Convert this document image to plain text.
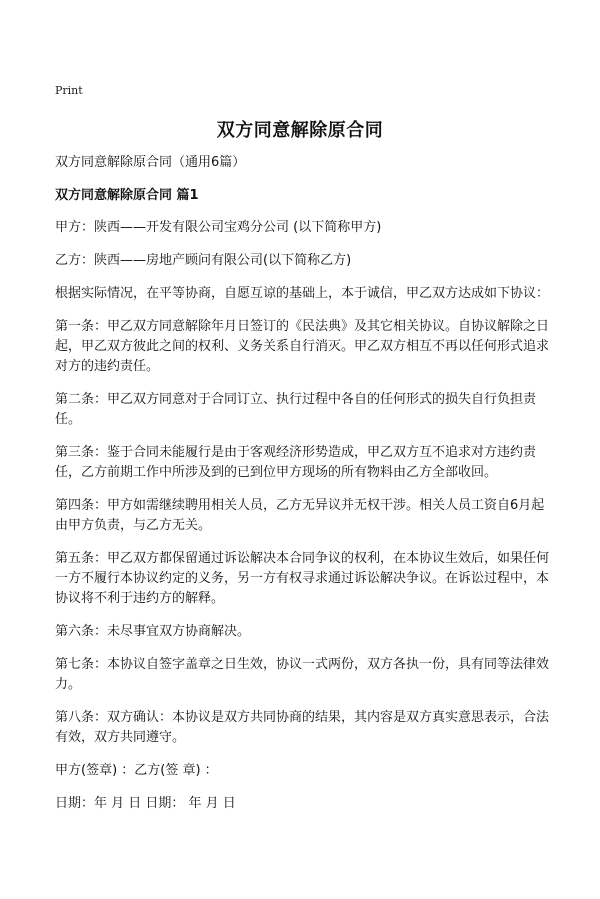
Print
双方同意解除原合同

双方同意解除原合同（通用6篇）

双方同意解除原合同 篇1

甲方：陕西——开发有限公司宝鸡分公司 (以下简称甲方)

乙方：陕西——房地产顾问有限公司(以下简称乙方)

根据实际情况，在平等协商，自愿互谅的基础上，本于诚信，甲乙双方达成如下协议：

第一条：甲乙双方同意解除年月日签订的《民法典》及其它相关协议。自协议解除之日起，甲乙双方彼此之间的权利、义务关系自行消灭。甲乙双方相互不再以任何形式追求对方的违约责任。

第二条：甲乙双方同意对于合同订立、执行过程中各自的任何形式的损失自行负担责任。

第三条：鉴于合同未能履行是由于客观经济形势造成，甲乙双方互不追求对方违约责任，乙方前期工作中所涉及到的已到位甲方现场的所有物料由乙方全部收回。

第四条：甲方如需继续聘用相关人员，乙方无异议并无权干涉。相关人员工资自6月起由甲方负责，与乙方无关。

第五条：甲乙双方都保留通过诉讼解决本合同争议的权利，在本协议生效后，如果任何一方不履行本协议约定的义务，另一方有权寻求通过诉讼解决争议。在诉讼过程中，本协议将不利于违约方的解释。

第六条：未尽事宜双方协商解决。

第七条：本协议自签字盖章之日生效，协议一式两份，双方各执一份，具有同等法律效力。

第八条：双方确认：本协议是双方共同协商的结果，其内容是双方真实意思表示，合法有效，双方共同遵守。

甲方(签章) ：乙方(签 章) ：

日期：年 月 日 日期： 年 月 日
